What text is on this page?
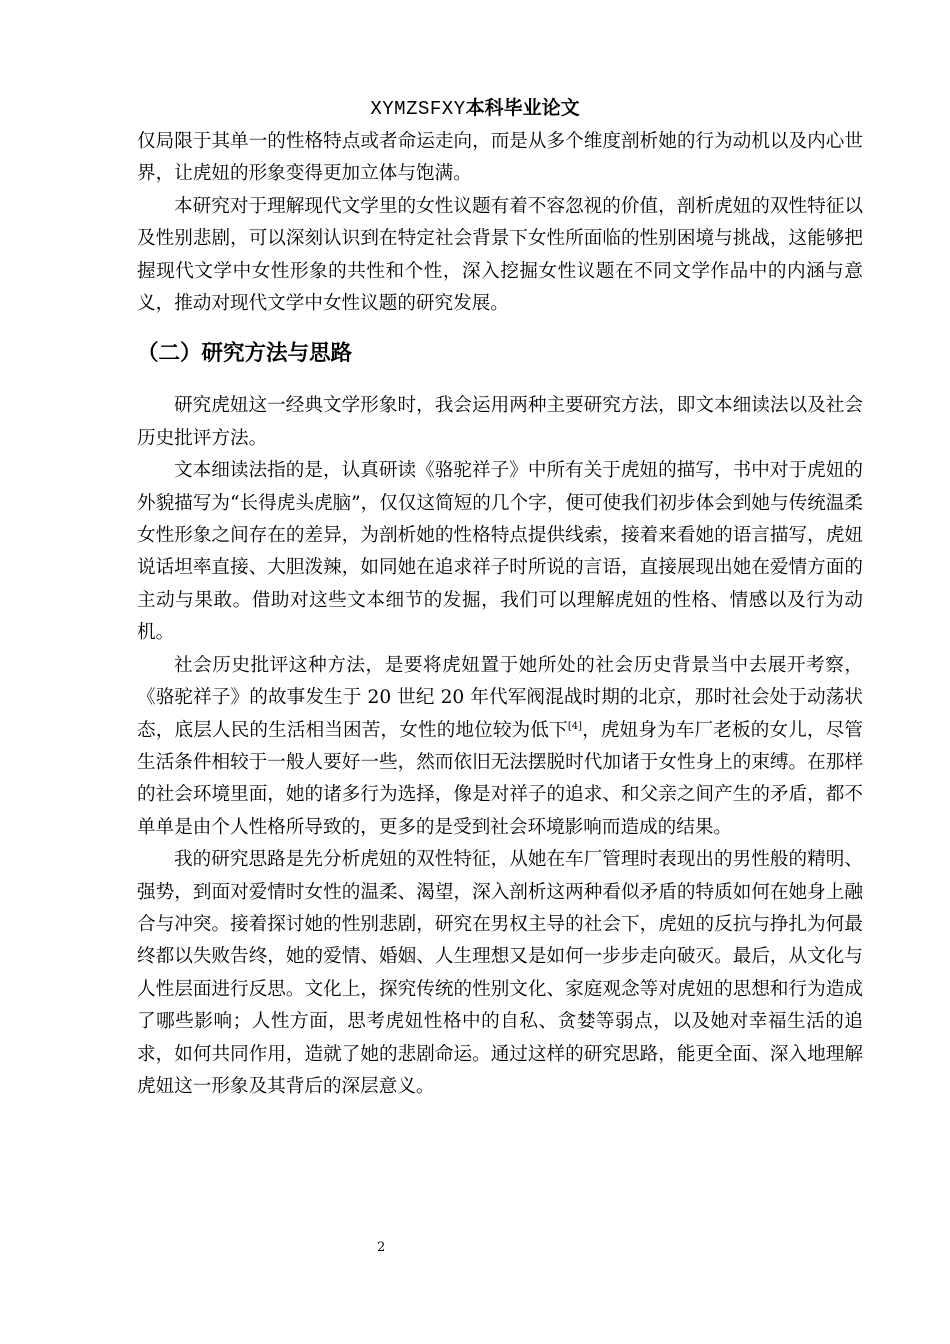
XYMZSFXY本科毕业论文

仅局限于其单一的性格特点或者命运走向，而是从多个维度剖析她的行为动机以及内心世界，让虎妞的形象变得更加立体与饱满。

本研究对于理解现代文学里的女性议题有着不容忽视的价值，剖析虎妞的双性特征以及性别悲剧，可以深刻认识到在特定社会背景下女性所面临的性别困境与挑战，这能够把握现代文学中女性形象的共性和个性，深入挖掘女性议题在不同文学作品中的内涵与意义，推动对现代文学中女性议题的研究发展。

（二）研究方法与思路

研究虎妞这一经典文学形象时，我会运用两种主要研究方法，即文本细读法以及社会历史批评方法。

文本细读法指的是，认真研读《骆驼祥子》中所有关于虎妞的描写，书中对于虎妞的外貌描写为“长得虎头虎脑”，仅仅这简短的几个字，便可使我们初步体会到她与传统温柔女性形象之间存在的差异，为剖析她的性格特点提供线索，接着来看她的语言描写，虎妞说话坦率直接、大胆泼辣，如同她在追求祥子时所说的言语，直接展现出她在爱情方面的主动与果敢。借助对这些文本细节的发掘，我们可以理解虎妞的性格、情感以及行为动机。

社会历史批评这种方法，是要将虎妞置于她所处的社会历史背景当中去展开考察，《骆驼祥子》的故事发生于 20 世纪 20 年代军阀混战时期的北京，那时社会处于动荡状态，底层人民的生活相当困苦，女性的地位较为低下[4]，虎妞身为车厂老板的女儿，尽管生活条件相较于一般人要好一些，然而依旧无法摆脱时代加诸于女性身上的束缚。在那样的社会环境里面，她的诸多行为选择，像是对祥子的追求、和父亲之间产生的矛盾，都不单单是由个人性格所导致的，更多的是受到社会环境影响而造成的结果。

我的研究思路是先分析虎妞的双性特征，从她在车厂管理时表现出的男性般的精明、强势，到面对爱情时女性的温柔、渴望，深入剖析这两种看似矛盾的特质如何在她身上融合与冲突。接着探讨她的性别悲剧，研究在男权主导的社会下，虎妞的反抗与挣扎为何最终都以失败告终，她的爱情、婚姻、人生理想又是如何一步步走向破灭。最后，从文化与人性层面进行反思。文化上，探究传统的性别文化、家庭观念等对虎妞的思想和行为造成了哪些影响；人性方面，思考虎妞性格中的自私、贪婪等弱点，以及她对幸福生活的追求，如何共同作用，造就了她的悲剧命运。通过这样的研究思路，能更全面、深入地理解虎妞这一形象及其背后的深层意义。

2
